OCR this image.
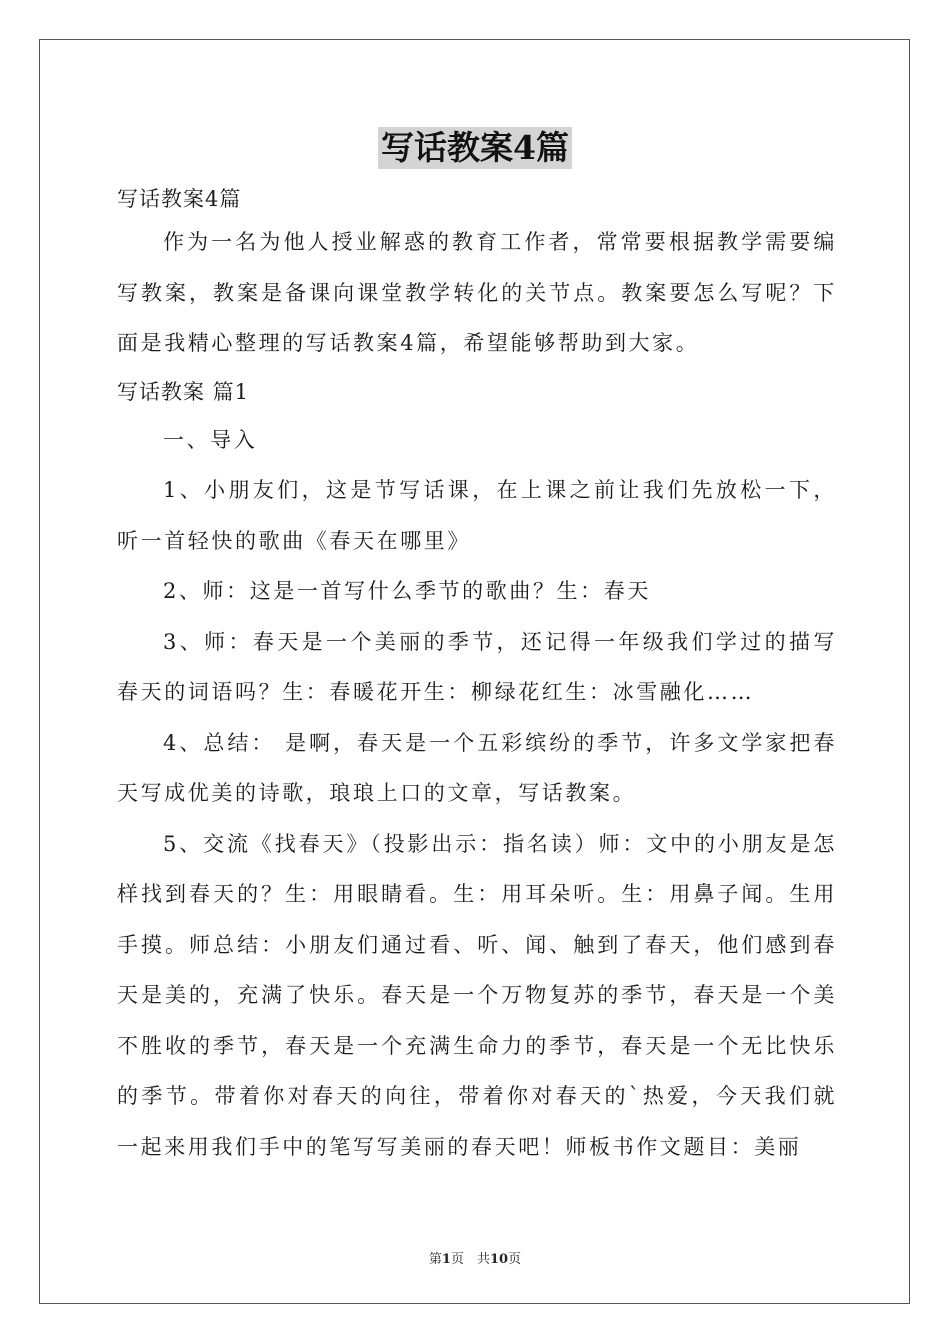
写话教案4篇
写话教案4篇

作为一名为他人授业解惑的教育工作者，常常要根据教学需要编写教案，教案是备课向课堂教学转化的关节点。教案要怎么写呢？下面是我精心整理的写话教案4篇，希望能够帮助到大家。

写话教案 篇1

一、导入

1、小朋友们，这是节写话课，在上课之前让我们先放松一下，听一首轻快的歌曲《春天在哪里》

2、师：这是一首写什么季节的歌曲？生：春天

3、师：春天是一个美丽的季节，还记得一年级我们学过的描写春天的词语吗？生：春暖花开生：柳绿花红生：冰雪融化……

4、总结： 是啊，春天是一个五彩缤纷的季节，许多文学家把春天写成优美的诗歌，琅琅上口的文章，写话教案。

5、交流《找春天》（投影出示：指名读）师：文中的小朋友是怎样找到春天的？生：用眼睛看。生：用耳朵听。生：用鼻子闻。生用手摸。师总结：小朋友们通过看、听、闻、触到了春天，他们感到春天是美的，充满了快乐。春天是一个万物复苏的季节，春天是一个美不胜收的季节，春天是一个充满生命力的季节，春天是一个无比快乐的季节。带着你对春天的向往，带着你对春天的`热爱，今天我们就一起来用我们手中的笔写写美丽的春天吧！师板书作文题目：美丽

第1页　共10页
